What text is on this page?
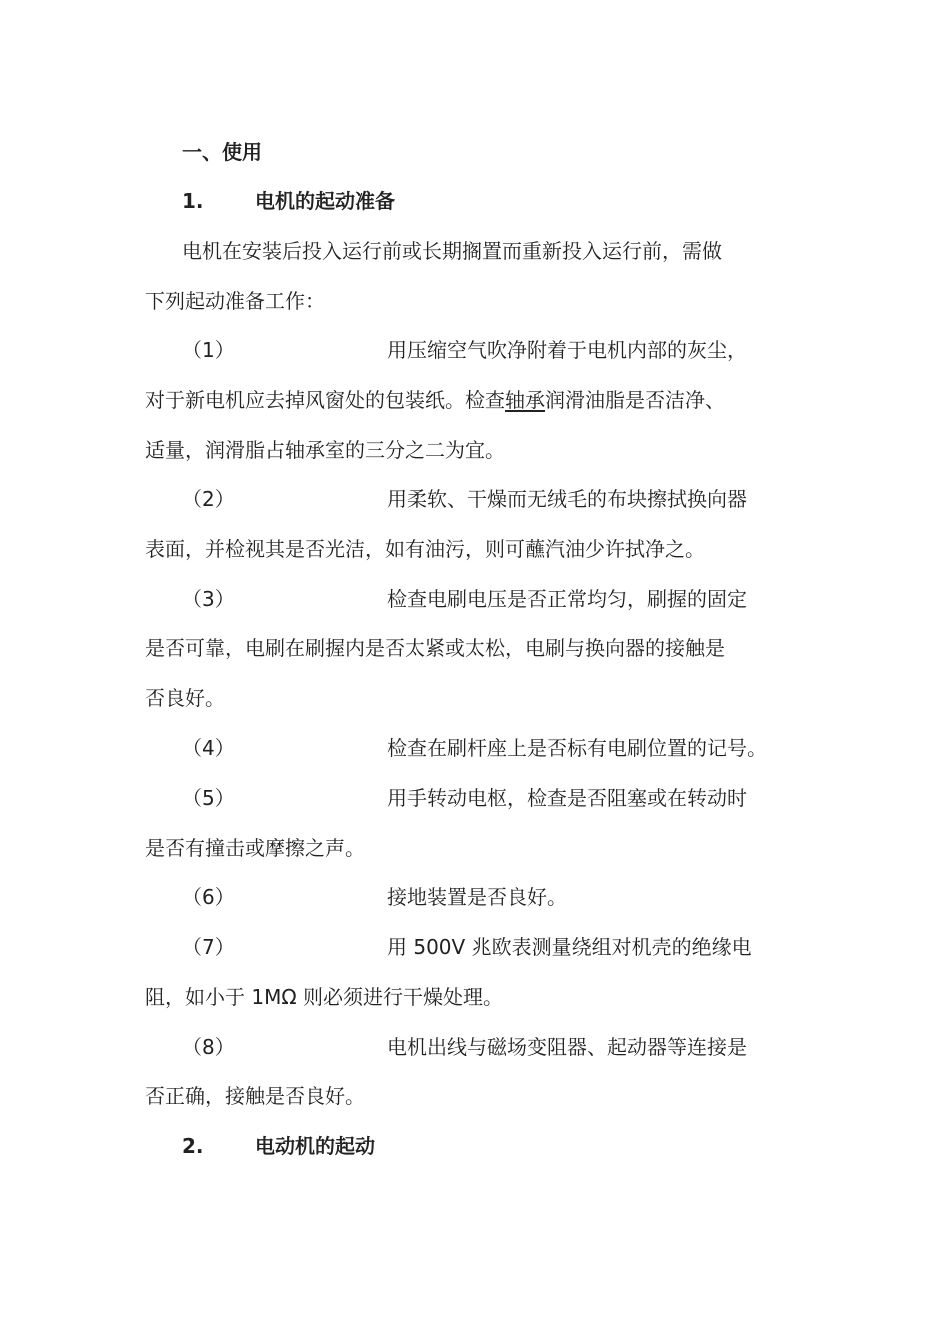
一、使用
1.	电机的起动准备
电机在安装后投入运行前或长期搁置而重新投入运行前，需做
下列起动准备工作：
（1）	用压缩空气吹净附着于电机内部的灰尘，
对于新电机应去掉风窗处的包装纸。检查轴承润滑油脂是否洁净、
适量，润滑脂占轴承室的三分之二为宜。
（2）	用柔软、干燥而无绒毛的布块擦拭换向器
表面，并检视其是否光洁，如有油污，则可蘸汽油少许拭净之。
（3）	检查电刷电压是否正常均匀，刷握的固定
是否可靠，电刷在刷握内是否太紧或太松，电刷与换向器的接触是
否良好。
（4）	检查在刷杆座上是否标有电刷位置的记号。
（5）	用手转动电枢，检查是否阻塞或在转动时
是否有撞击或摩擦之声。
（6）	接地装置是否良好。
（7）	用 500V 兆欧表测量绕组对机壳的绝缘电
阻，如小于 1MΩ 则必须进行干燥处理。
（8）	电机出线与磁场变阻器、起动器等连接是
否正确，接触是否良好。
2.	电动机的起动
